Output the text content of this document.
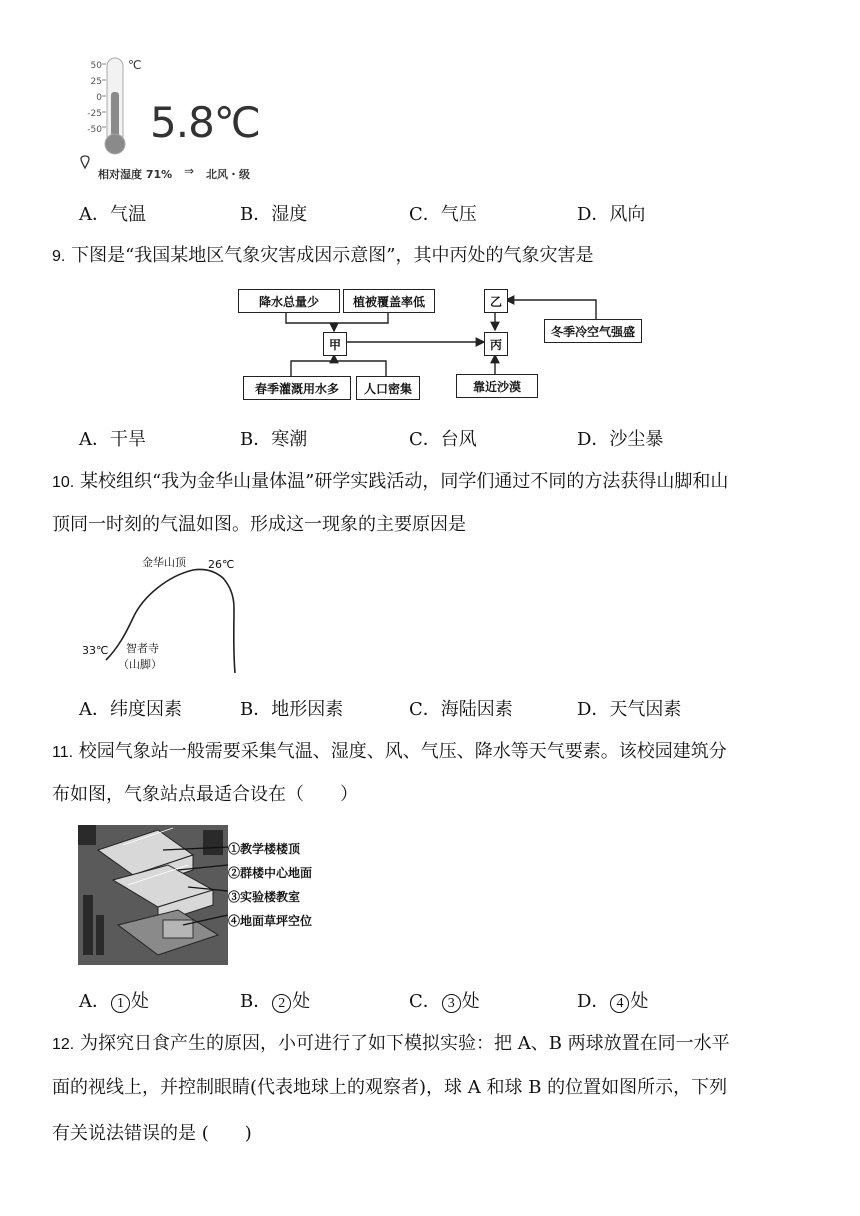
50
25
0
-25
-50
℃
5.8℃
相对湿度 71% ⇒ 北风・级
A．气温	B．湿度	C．气压	D．风向
9. 下图是“我国某地区气象灾害成因示意图”，其中丙处的气象灾害是
降水总量少	植被覆盖率低
甲
春季灌溉用水多	人口密集
乙
丙
冬季冷空气强盛
靠近沙漠
A．干旱	B．寒潮	C．台风	D．沙尘暴
10. 某校组织“我为金华山量体温”研学实践活动，同学们通过不同的方法获得山脚和山
顶同一时刻的气温如图。形成这一现象的主要原因是
金华山顶 26℃
33℃ 智者寺
（山脚）
A．纬度因素	B．地形因素	C．海陆因素	D．天气因素
11. 校园气象站一般需要采集气温、湿度、风、气压、降水等天气要素。该校园建筑分
布如图，气象站点最适合设在（　　）
①教学楼楼顶
②群楼中心地面
③实验楼教室
④地面草坪空位
A． 1 处	B． 2 处	C． 3 处	D． 4 处
12. 为探究日食产生的原因，小可进行了如下模拟实验：把 A、B 两球放置在同一水平
面的视线上，并控制眼睛(代表地球上的观察者)，球 A 和球 B 的位置如图所示，下列
有关说法错误的是 (　　)
